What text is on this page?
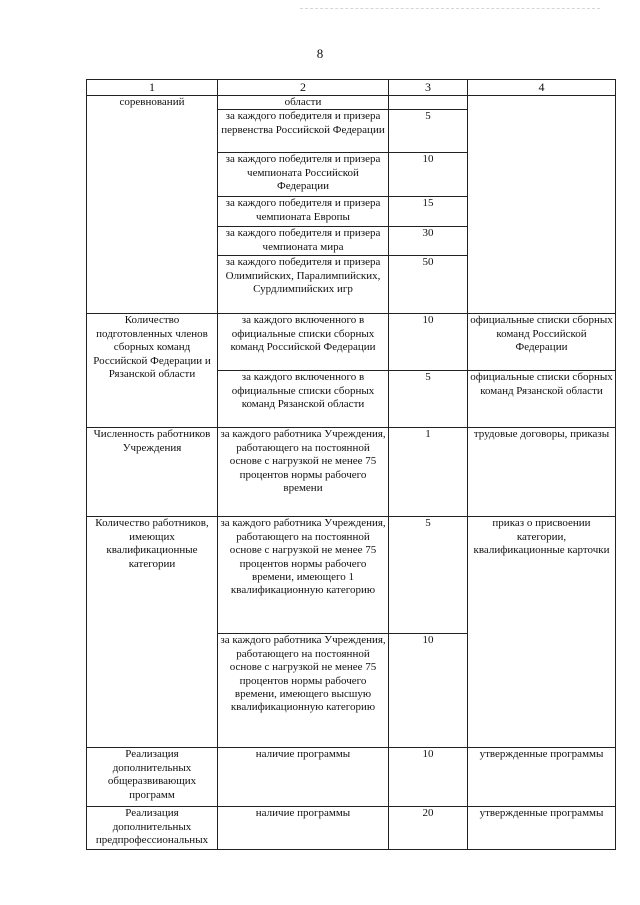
8
1	2	3	4
соревнований	области		
	за каждого победителя и призера первенства Российской Федерации	5	
	за каждого победителя и призера чемпионата Российской Федерации	10	
	за каждого победителя и призера чемпионата Европы	15	
	за каждого победителя и призера чемпионата мира	30	
	за каждого победителя и призера Олимпийских, Паралимпийских, Сурдлимпийских игр	50	
Количество подготовленных членов сборных команд Российской Федерации и Рязанской области	за каждого включенного в официальные списки сборных команд Российской Федерации	10	официальные списки сборных команд Российской Федерации
	за каждого включенного в официальные списки сборных команд Рязанской области	5	официальные списки сборных команд Рязанской области
Численность работников Учреждения	за каждого работника Учреждения, работающего на постоянной основе с нагрузкой не менее 75 процентов нормы рабочего времени	1	трудовые договоры, приказы
Количество работников, имеющих квалификационные категории	за каждого работника Учреждения, работающего на постоянной основе с нагрузкой не менее 75 процентов нормы рабочего времени, имеющего 1 квалификационную категорию	5	приказ о присвоении категории, квалификационные карточки
	за каждого работника Учреждения, работающего на постоянной основе с нагрузкой не менее 75 процентов нормы рабочего времени, имеющего высшую квалификационную категорию	10	
Реализация дополнительных общеразвивающих программ	наличие программы	10	утвержденные программы
Реализация дополнительных предпрофессиональных	наличие программы	20	утвержденные программы
